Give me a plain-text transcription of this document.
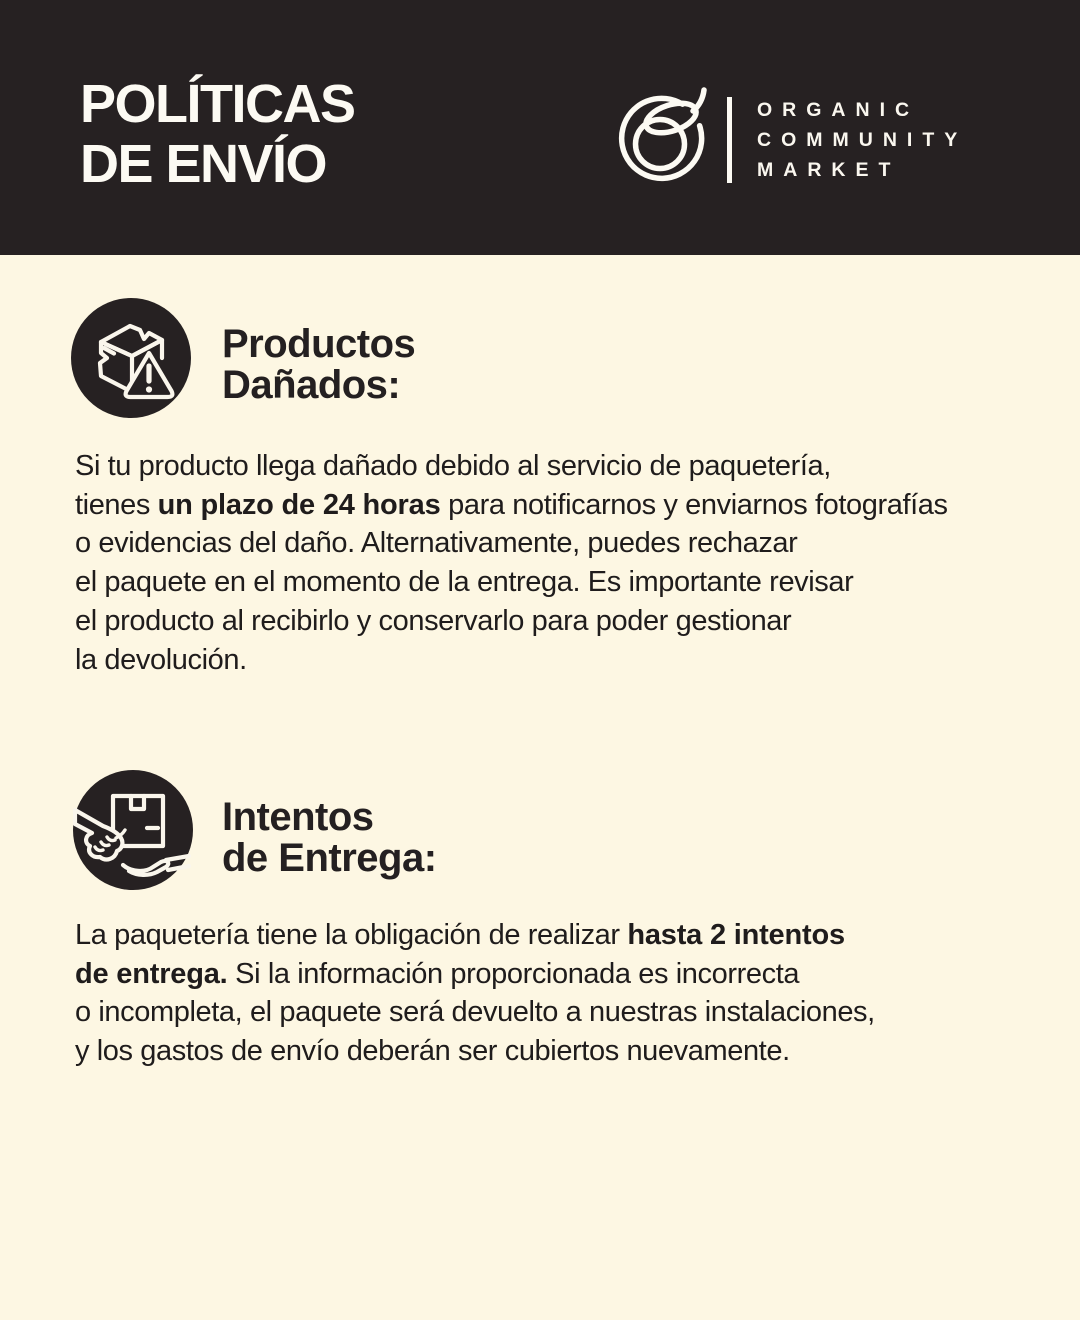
POLÍTICAS
DE ENVÍO
ORGANIC
COMMUNITY
MARKET
Productos
Dañados:
Si tu producto llega dañado debido al servicio de paquetería,
tienes un plazo de 24 horas para notificarnos y enviarnos fotografías
o evidencias del daño. Alternativamente, puedes rechazar
el paquete en el momento de la entrega. Es importante revisar
el producto al recibirlo y conservarlo para poder gestionar
la devolución.
Intentos
de Entrega:
La paquetería tiene la obligación de realizar hasta 2 intentos
de entrega. Si la información proporcionada es incorrecta
o incompleta, el paquete será devuelto a nuestras instalaciones,
y los gastos de envío deberán ser cubiertos nuevamente.
